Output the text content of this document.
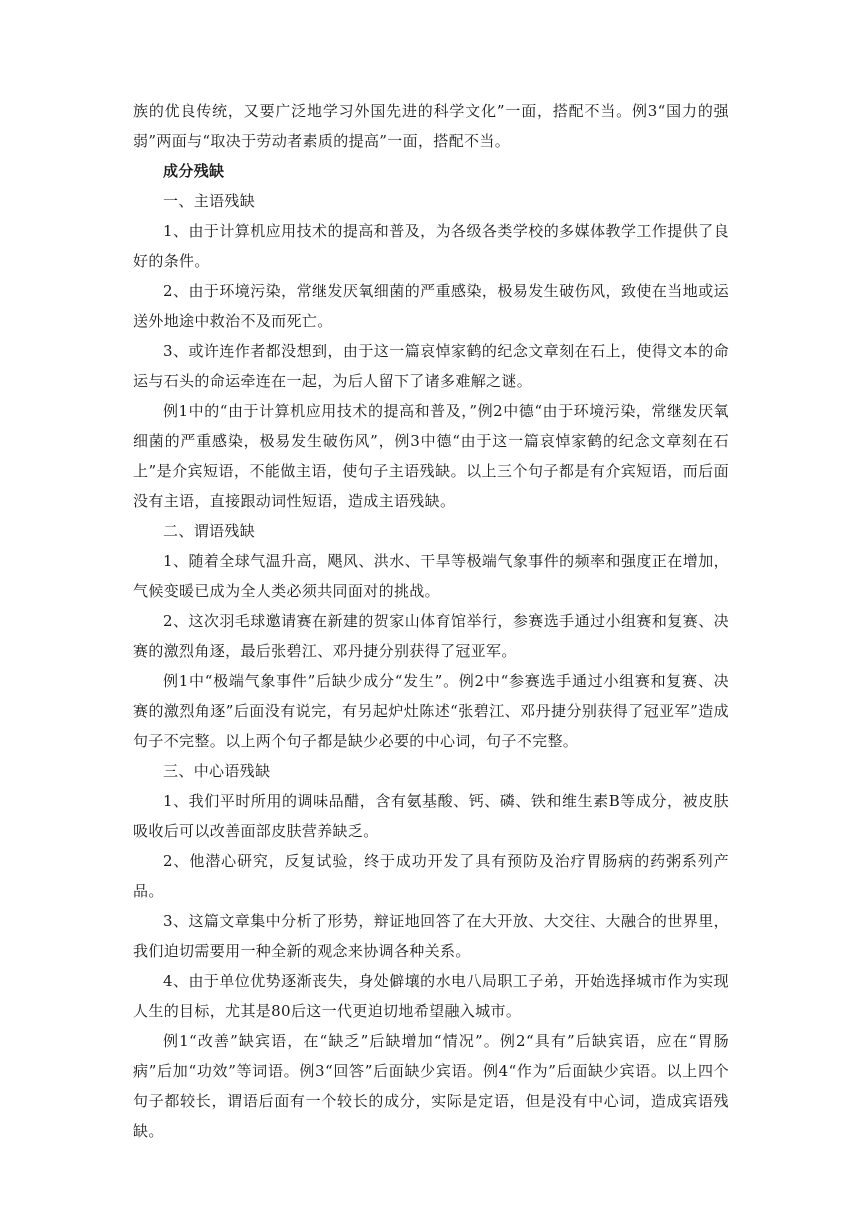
族的优良传统，又要广泛地学习外国先进的科学文化”一面，搭配不当。例3“国力的强弱”两面与“取决于劳动者素质的提高”一面，搭配不当。

成分残缺

一、主语残缺

1、由于计算机应用技术的提高和普及，为各级各类学校的多媒体教学工作提供了良好的条件。

2、由于环境污染，常继发厌氧细菌的严重感染，极易发生破伤风，致使在当地或运送外地途中救治不及而死亡。

3、或许连作者都没想到，由于这一篇哀悼家鹤的纪念文章刻在石上，使得文本的命运与石头的命运牵连在一起，为后人留下了诸多难解之谜。

例1中的“由于计算机应用技术的提高和普及，”例2中德“由于环境污染，常继发厌氧细菌的严重感染，极易发生破伤风”，例3中德“由于这一篇哀悼家鹤的纪念文章刻在石上”是介宾短语，不能做主语，使句子主语残缺。以上三个句子都是有介宾短语，而后面没有主语，直接跟动词性短语，造成主语残缺。

二、谓语残缺

1、随着全球气温升高，飓风、洪水、干旱等极端气象事件的频率和强度正在增加，气候变暖已成为全人类必须共同面对的挑战。

2、这次羽毛球邀请赛在新建的贺家山体育馆举行，参赛选手通过小组赛和复赛、决赛的激烈角逐，最后张碧江、邓丹捷分别获得了冠亚军。

例1中“极端气象事件”后缺少成分“发生”。例2中“参赛选手通过小组赛和复赛、决赛的激烈角逐”后面没有说完，有另起炉灶陈述“张碧江、邓丹捷分别获得了冠亚军”造成句子不完整。以上两个句子都是缺少必要的中心词，句子不完整。

三、中心语残缺

1、我们平时所用的调味品醋，含有氨基酸、钙、磷、铁和维生素B等成分，被皮肤吸收后可以改善面部皮肤营养缺乏。

2、他潜心研究，反复试验，终于成功开发了具有预防及治疗胃肠病的药粥系列产品。

3、这篇文章集中分析了形势，辩证地回答了在大开放、大交往、大融合的世界里，我们迫切需要用一种全新的观念来协调各种关系。

4、由于单位优势逐渐丧失，身处僻壤的水电八局职工子弟，开始选择城市作为实现人生的目标，尤其是80后这一代更迫切地希望融入城市。

例1“改善”缺宾语，在“缺乏”后缺增加“情况”。例2“具有”后缺宾语，应在“胃肠病”后加“功效”等词语。例3“回答”后面缺少宾语。例4“作为”后面缺少宾语。以上四个句子都较长，谓语后面有一个较长的成分，实际是定语，但是没有中心词，造成宾语残缺。
